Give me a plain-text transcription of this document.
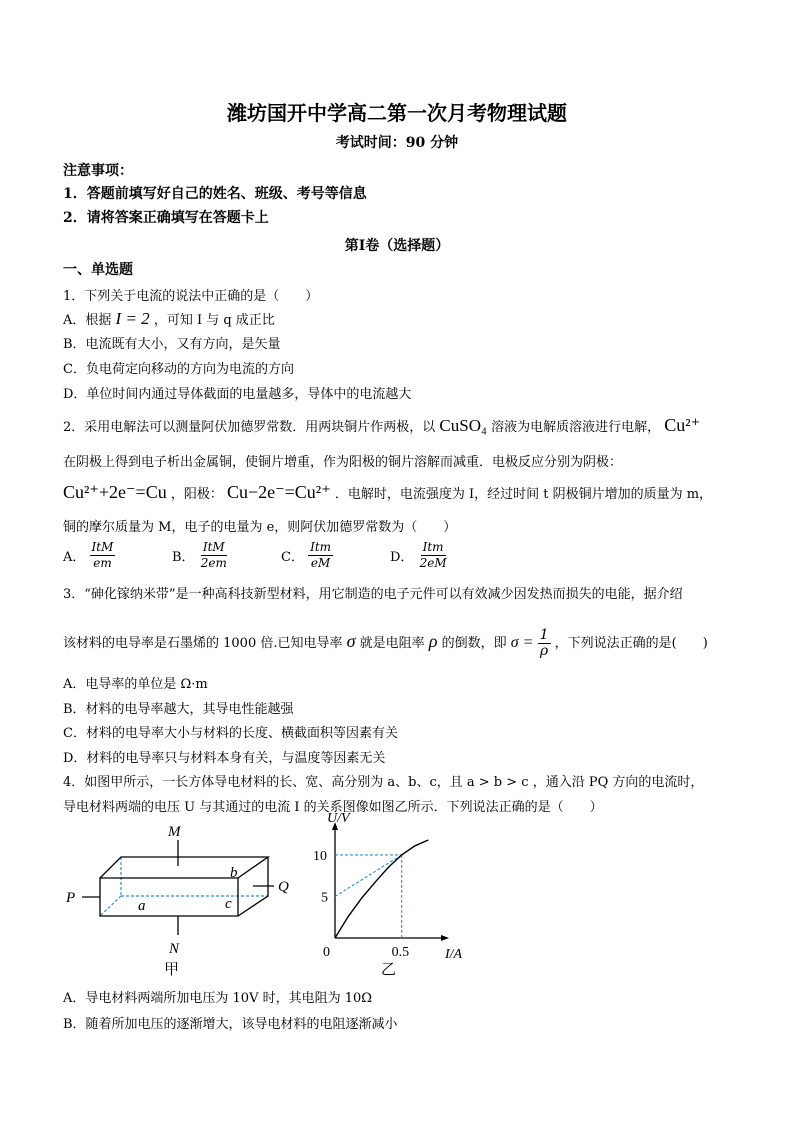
潍坊国开中学高二第一次月考物理试题
考试时间：90 分钟
注意事项：
1．答题前填写好自己的姓名、班级、考号等信息
2．请将答案正确填写在答题卡上
第Ⅰ卷（选择题）
一、单选题
1．下列关于电流的说法中正确的是（　　）
A．根据 I = 2 ，可知 I 与 q 成正比
B．电流既有大小，又有方向，是矢量
C．负电荷定向移动的方向为电流的方向
D．单位时间内通过导体截面的电量越多，导体中的电流越大
2．采用电解法可以测量阿伏加德罗常数．用两块铜片作两极，以 CuSO₄ 溶液为电解质溶液进行电解， Cu²⁺
在阴极上得到电子析出金属铜，使铜片增重，作为阳极的铜片溶解而减重．电极反应分别为阴极：
Cu²⁺+2e⁻=Cu ，阳极： Cu−2e⁻=Cu²⁺ ．电解时，电流强度为 I，经过时间 t 阴极铜片增加的质量为 m，
铜的摩尔质量为 M，电子的电量为 e，则阿伏加德罗常数为（　　）
A． $\frac{\text{ItM}}{em}$	B． $\frac{\text{ItM}}{2em}$	C． $\frac{\text{Itm}}{eM}$	D． $\frac{\text{Itm}}{2eM}$
3．“砷化镓纳米带”是一种高科技新型材料，用它制造的电子元件可以有效减少因发热而损失的电能，据介绍
该材料的电导率是石墨烯的 1000 倍.已知电导率 σ 就是电阻率 ρ 的倒数，即 $\sigma = \frac{1}{\rho}$ ，下列说法正确的是(　　)
A．电导率的单位是 Ω·m
B．材料的电导率越大，其导电性能越强
C．材料的电导率大小与材料的长度、横截面积等因素有关
D．材料的电导率只与材料本身有关，与温度等因素无关
4．如图甲所示，一长方体导电材料的长、宽、高分别为 a、b、c，且 a > b > c ，通入沿 PQ 方向的电流时，
导电材料两端的电压 U 与其通过的电流 I 的关系图像如图乙所示．下列说法正确的是（　　）
M
N
P
Q
a
b
c
甲
U/V
I/A
0	0.5
5
10
乙
A．导电材料两端所加电压为 10V 时，其电阻为 10Ω
B．随着所加电压的逐渐增大，该导电材料的电阻逐渐减小
